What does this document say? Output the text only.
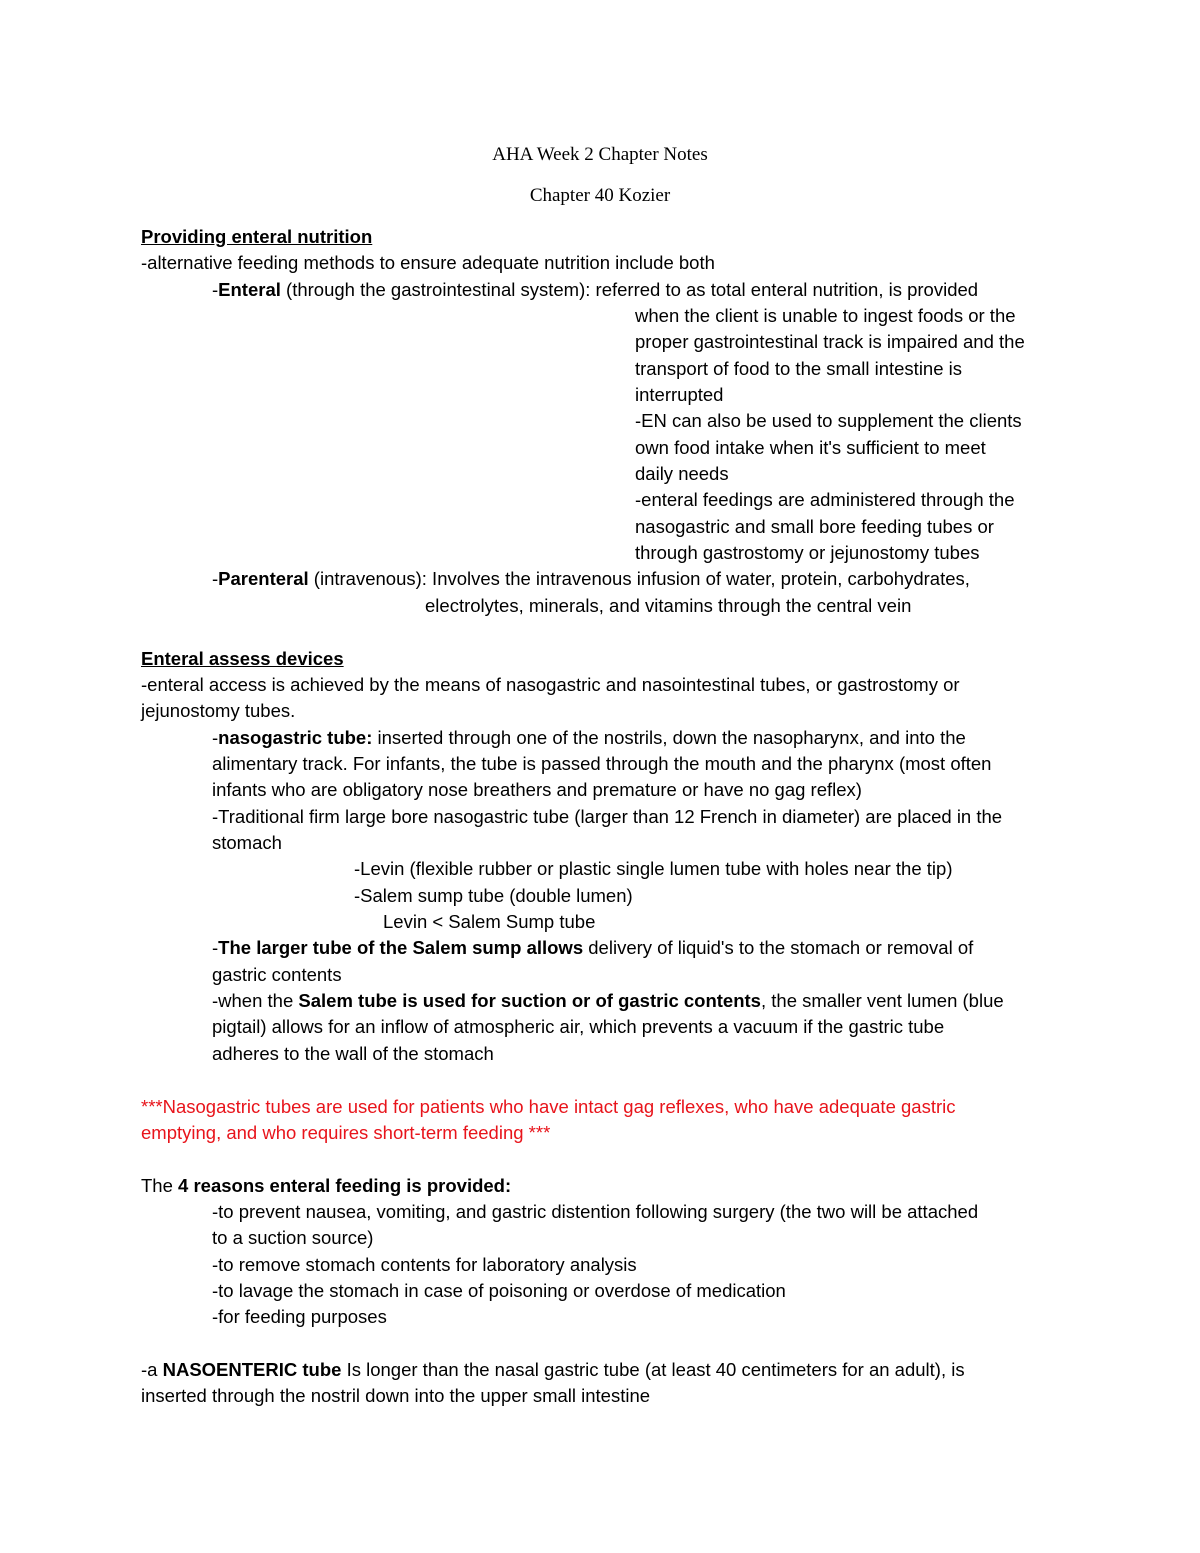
AHA Week 2 Chapter Notes
Chapter 40 Kozier
Providing enteral nutrition
-alternative feeding methods to ensure adequate nutrition include both
-Enteral (through the gastrointestinal system): referred to as total enteral nutrition, is provided
when the client is unable to ingest foods or the
proper gastrointestinal track is impaired and the
transport of food to the small intestine is
interrupted
-EN can also be used to supplement the clients
own food intake when it's sufficient to meet
daily needs
-enteral feedings are administered through the
nasogastric and small bore feeding tubes or
through gastrostomy or jejunostomy tubes
-Parenteral (intravenous): Involves the intravenous infusion of water, protein, carbohydrates,
electrolytes, minerals, and vitamins through the central vein
Enteral assess devices
-enteral access is achieved by the means of nasogastric and nasointestinal tubes, or gastrostomy or
jejunostomy tubes.
-nasogastric tube: inserted through one of the nostrils, down the nasopharynx, and into the
alimentary track. For infants, the tube is passed through the mouth and the pharynx (most often
infants who are obligatory nose breathers and premature or have no gag reflex)
-Traditional firm large bore nasogastric tube (larger than 12 French in diameter) are placed in the
stomach
-Levin (flexible rubber or plastic single lumen tube with holes near the tip)
-Salem sump tube (double lumen)
Levin < Salem Sump tube
-The larger tube of the Salem sump allows delivery of liquid's to the stomach or removal of
gastric contents
-when the Salem tube is used for suction or of gastric contents, the smaller vent lumen (blue
pigtail) allows for an inflow of atmospheric air, which prevents a vacuum if the gastric tube
adheres to the wall of the stomach
***Nasogastric tubes are used for patients who have intact gag reflexes, who have adequate gastric
emptying, and who requires short-term feeding ***
The 4 reasons enteral feeding is provided:
-to prevent nausea, vomiting, and gastric distention following surgery (the two will be attached
to a suction source)
-to remove stomach contents for laboratory analysis
-to lavage the stomach in case of poisoning or overdose of medication
-for feeding purposes
-a NASOENTERIC tube Is longer than the nasal gastric tube (at least 40 centimeters for an adult), is
inserted through the nostril down into the upper small intestine
